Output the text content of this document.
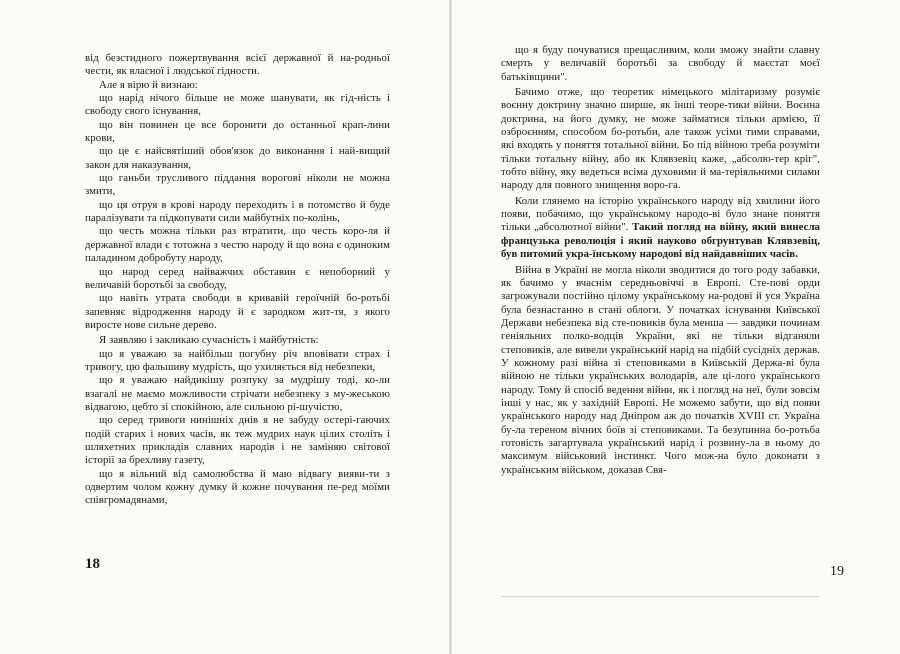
від безстидного пожертвування всієї державної й на-родньої чести, як власної і людської гідности.

Але я вірю й визнаю:

що нарід нічого більше не може шанувати, як гід-ність і свободу свого існування,

що він повинен це все боронити до останньої крап-лини крови,

що це є найсвятіший обов'язок до виконання і най-вищий закон для наказування,

що ганьби трусливого піддання ворогові ніколи не можна змити,

що ця отруя в крові народу переходить і в потомство й буде паралізувати та підкопувати сили майбутніх по-колінь,

що честь можна тільки раз втратити, що честь коро-ля й державної влади є тотожна з честю народу й що вона є одиноким паладином добробуту народу,

що народ серед найважчих обставин є непоборний у величавій боротьбі за свободу,

що навіть утрата свободи в кривавій героїчній бо-ротьбі запевняє відродження народу й є зародком жит-тя, з якого виросте нове сильне дерево.

Я заявляю і закликаю сучасність і майбутність:

що я уважаю за найбільш погубну річ вповівати страх і тривогу, цю фальшиву мудрість, що ухиляється від небезпеки,

що я уважаю найдикішу розпуку за мудрішу тоді, ко-ли взагалі не маємо можливости стрічати небезпеку з му-жеською відвагою, цебто зі спокійною, але сильною рі-шучістю,

що серед тривоги нинішніх днів я не забуду остері-гаючих подій старих і нових часів, як теж мудрих наук цілих століть і шляхетних прикладів славних народів і не заміняю світової історії за брехливу газету,

що я вільний від самолюбства й маю відвагу вияви-ти з одвертим чолом кожну думку й кожне почування пе-ред моїми співгромадянами,

18

що я буду почуватися прещасливим, коли зможу знайти славну смерть у величавій боротьбі за свободу й маєстат моєї батьківщини".

Бачимо отже, що теоретик німецького мілітаризму розуміє воєнну доктрину значно ширше, як інші теоре-тики війни. Воєнна доктрина, на його думку, не може займатися тільки армією, її озброєнням, способом бо-ротьби, але також усіми тими справами, які входять у поняття тотальної війни. Бо під війною треба розуміти тільки тотальну війну, або як Клявзевіц каже, „абсолю-тер кріг", тобто війну, яку ведеться всіма духовими й ма-теріяльними силами народу для повного знищення воро-га.

Коли глянемо на історію українського народу від хвилини його появи, побачимо, що українському народо-ві було знане поняття тільки „абсолютної війни". Такий погляд на війну, який винесла французька революція і який науково обгрунтував Клявзевіц, був питомий укра-їнському народові від найдавніших часів.

Війна в Україні не могла ніколи зводитися до того роду забавки, як бачимо у вчаснім середньовіччі в Европі. Сте-пові орди загрожували постійно цілому українському на-родові й уся Україна була безнастанно в стані облоги. У початках існування Київської Держави небезпека від сте-повиків була менша — завдяки починам геніяльних полко-водців України, які не тільки відганяли степовиків, але вивели український нарід на підбій сусідніх держав. У кожному разі війна зі степовиками в Київській Держа-ві була війною не тільки українських володарів, але ці-лого українського народу. Тому й спосіб ведення війни, як і погляд на неї, були зовсім інші у нас, як у західній Европі. Не можемо забути, що від появи українського народу над Дніпром аж до початків XVIII ст. Україна бу-ла тереном вічних боїв зі степовиками. Та безупинна бо-ротьба готовість загартувала український нарід і розвину-ла в ньому до максимум військовий інстинкт. Чого мож-на було доконати з українським військом, доказав Свя-

19
